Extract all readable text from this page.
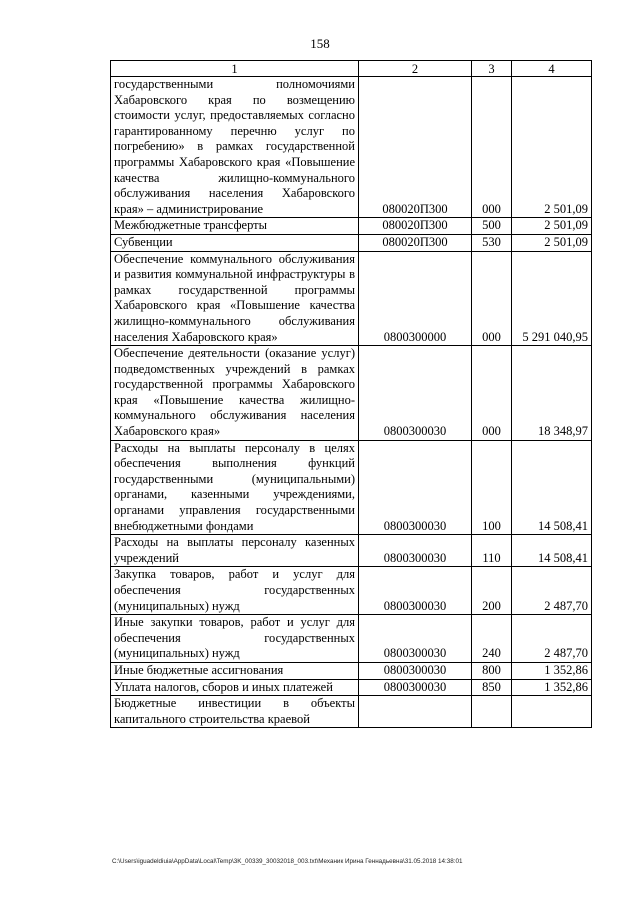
158
1	2	3	4
государственными полномочиями Хабаровского края по возмещению стоимости услуг, предоставляемых согласно гарантированному перечню услуг по погребению» в рамках государственной программы Хабаровского края «Повышение качества жилищно-коммунального обслуживания населения Хабаровского края» – администрирование	080020П300	000	2 501,09
Межбюджетные трансферты	080020П300	500	2 501,09
Субвенции	080020П300	530	2 501,09
Обеспечение коммунального обслуживания и развития коммунальной инфраструктуры в рамках государственной программы Хабаровского края «Повышение качества жилищно-коммунального обслуживания населения Хабаровского края»	0800300000	000	5 291 040,95
Обеспечение деятельности (оказание услуг) подведомственных учреждений в рамках государственной программы Хабаровского края «Повышение качества жилищно-коммунального обслуживания населения Хабаровского края»	0800300030	000	18 348,97
Расходы на выплаты персоналу в целях обеспечения выполнения функций государственными (муниципальными) органами, казенными учреждениями, органами управления государственными внебюджетными фондами	0800300030	100	14 508,41
Расходы на выплаты персоналу казенных учреждений	0800300030	110	14 508,41
Закупка товаров, работ и услуг для обеспечения государственных (муниципальных) нужд	0800300030	200	2 487,70
Иные закупки товаров, работ и услуг для обеспечения государственных (муниципальных) нужд	0800300030	240	2 487,70
Иные бюджетные ассигнования	0800300030	800	1 352,86
Уплата налогов, сборов и иных платежей	0800300030	850	1 352,86
Бюджетные инвестиции в объекты капитального строительства краевой			
C:\Users\iguadeldiuia\AppData\Local\Temp\3K_00339_30032018_003.txt\Механик Ирина Геннадьевна\31.05.2018 14:38:01
